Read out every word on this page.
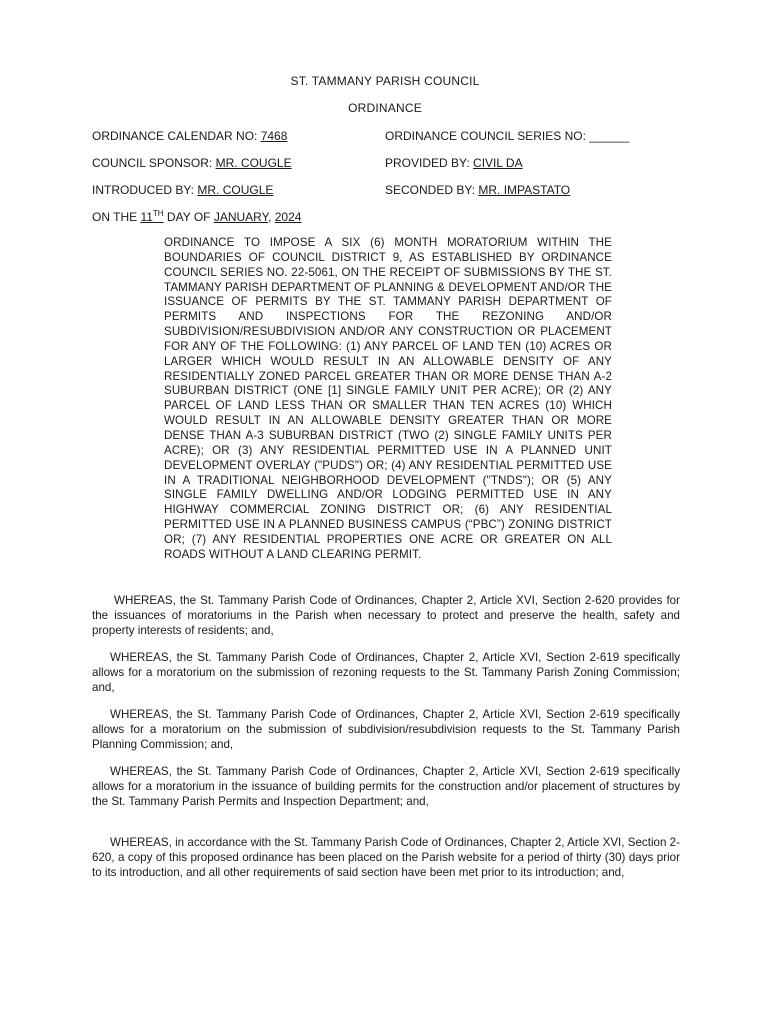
ST. TAMMANY PARISH COUNCIL
ORDINANCE
ORDINANCE CALENDAR NO: 7468	ORDINANCE COUNCIL SERIES NO: ______
COUNCIL SPONSOR: MR. COUGLE	PROVIDED BY: CIVIL DA
INTRODUCED BY: MR. COUGLE	SECONDED BY: MR. IMPASTATO
ON THE 11TH DAY OF JANUARY, 2024
ORDINANCE TO IMPOSE A SIX (6) MONTH MORATORIUM WITHIN THE BOUNDARIES OF COUNCIL DISTRICT 9, AS ESTABLISHED BY ORDINANCE COUNCIL SERIES NO. 22-5061, ON THE RECEIPT OF SUBMISSIONS BY THE ST. TAMMANY PARISH DEPARTMENT OF PLANNING & DEVELOPMENT AND/OR THE ISSUANCE OF PERMITS BY THE ST. TAMMANY PARISH DEPARTMENT OF PERMITS AND INSPECTIONS FOR THE REZONING AND/OR SUBDIVISION/RESUBDIVISION AND/OR ANY CONSTRUCTION OR PLACEMENT FOR ANY OF THE FOLLOWING: (1) ANY PARCEL OF LAND TEN (10) ACRES OR LARGER WHICH WOULD RESULT IN AN ALLOWABLE DENSITY OF ANY RESIDENTIALLY ZONED PARCEL GREATER THAN OR MORE DENSE THAN A-2 SUBURBAN DISTRICT (ONE [1] SINGLE FAMILY UNIT PER ACRE); OR (2) ANY PARCEL OF LAND LESS THAN OR SMALLER THAN TEN ACRES (10) WHICH WOULD RESULT IN AN ALLOWABLE DENSITY GREATER THAN OR MORE DENSE THAN A-3 SUBURBAN DISTRICT (TWO (2) SINGLE FAMILY UNITS PER ACRE); OR (3) ANY RESIDENTIAL PERMITTED USE IN A PLANNED UNIT DEVELOPMENT OVERLAY ("PUDS") OR; (4) ANY RESIDENTIAL PERMITTED USE IN A TRADITIONAL NEIGHBORHOOD DEVELOPMENT ("TNDS"); OR (5) ANY SINGLE FAMILY DWELLING AND/OR LODGING PERMITTED USE IN ANY HIGHWAY COMMERCIAL ZONING DISTRICT OR; (6) ANY RESIDENTIAL PERMITTED USE IN A PLANNED BUSINESS CAMPUS (“PBC”) ZONING DISTRICT OR; (7) ANY RESIDENTIAL PROPERTIES ONE ACRE OR GREATER ON ALL ROADS WITHOUT A LAND CLEARING PERMIT.

WHEREAS, the St. Tammany Parish Code of Ordinances, Chapter 2, Article XVI, Section 2-620 provides for the issuances of moratoriums in the Parish when necessary to protect and preserve the health, safety and property interests of residents; and,

WHEREAS, the St. Tammany Parish Code of Ordinances, Chapter 2, Article XVI, Section 2-619 specifically allows for a moratorium on the submission of rezoning requests to the St. Tammany Parish Zoning Commission; and,

WHEREAS, the St. Tammany Parish Code of Ordinances, Chapter 2, Article XVI, Section 2-619 specifically allows for a moratorium on the submission of subdivision/resubdivision requests to the St. Tammany Parish Planning Commission; and,

WHEREAS, the St. Tammany Parish Code of Ordinances, Chapter 2, Article XVI, Section 2-619 specifically allows for a moratorium in the issuance of building permits for the construction and/or placement of structures by the St. Tammany Parish Permits and Inspection Department; and,

WHEREAS, in accordance with the St. Tammany Parish Code of Ordinances, Chapter 2, Article XVI, Section 2-620, a copy of this proposed ordinance has been placed on the Parish website for a period of thirty (30) days prior to its introduction, and all other requirements of said section have been met prior to its introduction; and,
